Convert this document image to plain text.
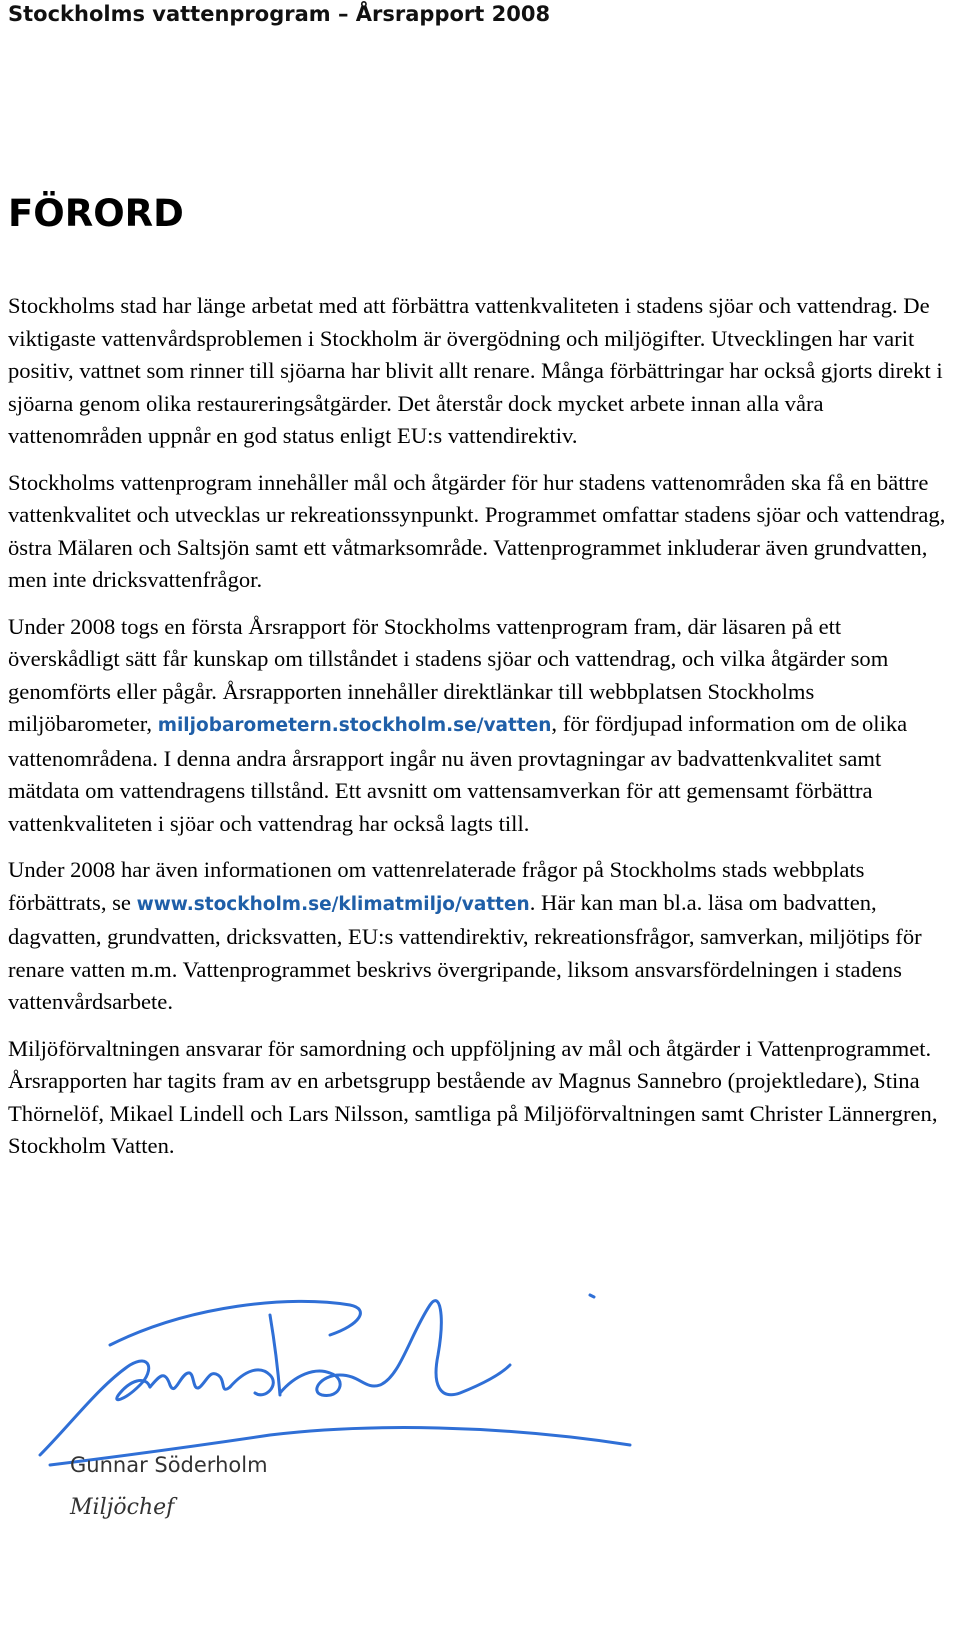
Stockholms vattenprogram – Årsrapport 2008
FÖRORD

Stockholms stad har länge arbetat med att förbättra vattenkvaliteten i stadens sjöar och vattendrag. De viktigaste vattenvårdsproblemen i Stockholm är övergödning och miljögifter. Utvecklingen har varit positiv, vattnet som rinner till sjöarna har blivit allt renare. Många förbättringar har också gjorts direkt i sjöarna genom olika restaureringsåtgärder. Det återstår dock mycket arbete innan alla våra vattenområden uppnår en god status enligt EU:s vattendirektiv.

Stockholms vattenprogram innehåller mål och åtgärder för hur stadens vattenområden ska få en bättre vattenkvalitet och utvecklas ur rekreationssynpunkt. Programmet omfattar stadens sjöar och vattendrag, östra Mälaren och Saltsjön samt ett våtmarksområde. Vattenprogrammet inkluderar även grundvatten, men inte dricksvattenfrågor.

Under 2008 togs en första Årsrapport för Stockholms vattenprogram fram, där läsaren på ett överskådligt sätt får kunskap om tillståndet i stadens sjöar och vattendrag, och vilka åtgärder som genomförts eller pågår. Årsrapporten innehåller direktlänkar till webbplatsen Stockholms miljöbarometer, miljobarometern.stockholm.se/vatten, för fördjupad information om de olika vattenområdena. I denna andra årsrapport ingår nu även provtagningar av badvattenkvalitet samt mätdata om vattendragens tillstånd. Ett avsnitt om vattensamverkan för att gemensamt förbättra vattenkvaliteten i sjöar och vattendrag har också lagts till.

Under 2008 har även informationen om vattenrelaterade frågor på Stockholms stads webbplats förbättrats, se www.stockholm.se/klimatmiljo/vatten. Här kan man bl.a. läsa om badvatten, dagvatten, grundvatten, dricksvatten, EU:s vattendirektiv, rekreationsfrågor, samverkan, miljötips för renare vatten m.m. Vattenprogrammet beskrivs övergripande, liksom ansvarsfördelningen i stadens vattenvårdsarbete.

Miljöförvaltningen ansvarar för samordning och uppföljning av mål och åtgärder i Vattenprogrammet. Årsrapporten har tagits fram av en arbetsgrupp bestående av Magnus Sannebro (projektledare), Stina Thörnelöf, Mikael Lindell och Lars Nilsson, samtliga på Miljöförvaltningen samt Christer Lännergren, Stockholm Vatten.

Gunnar Söderholm
Miljöchef
